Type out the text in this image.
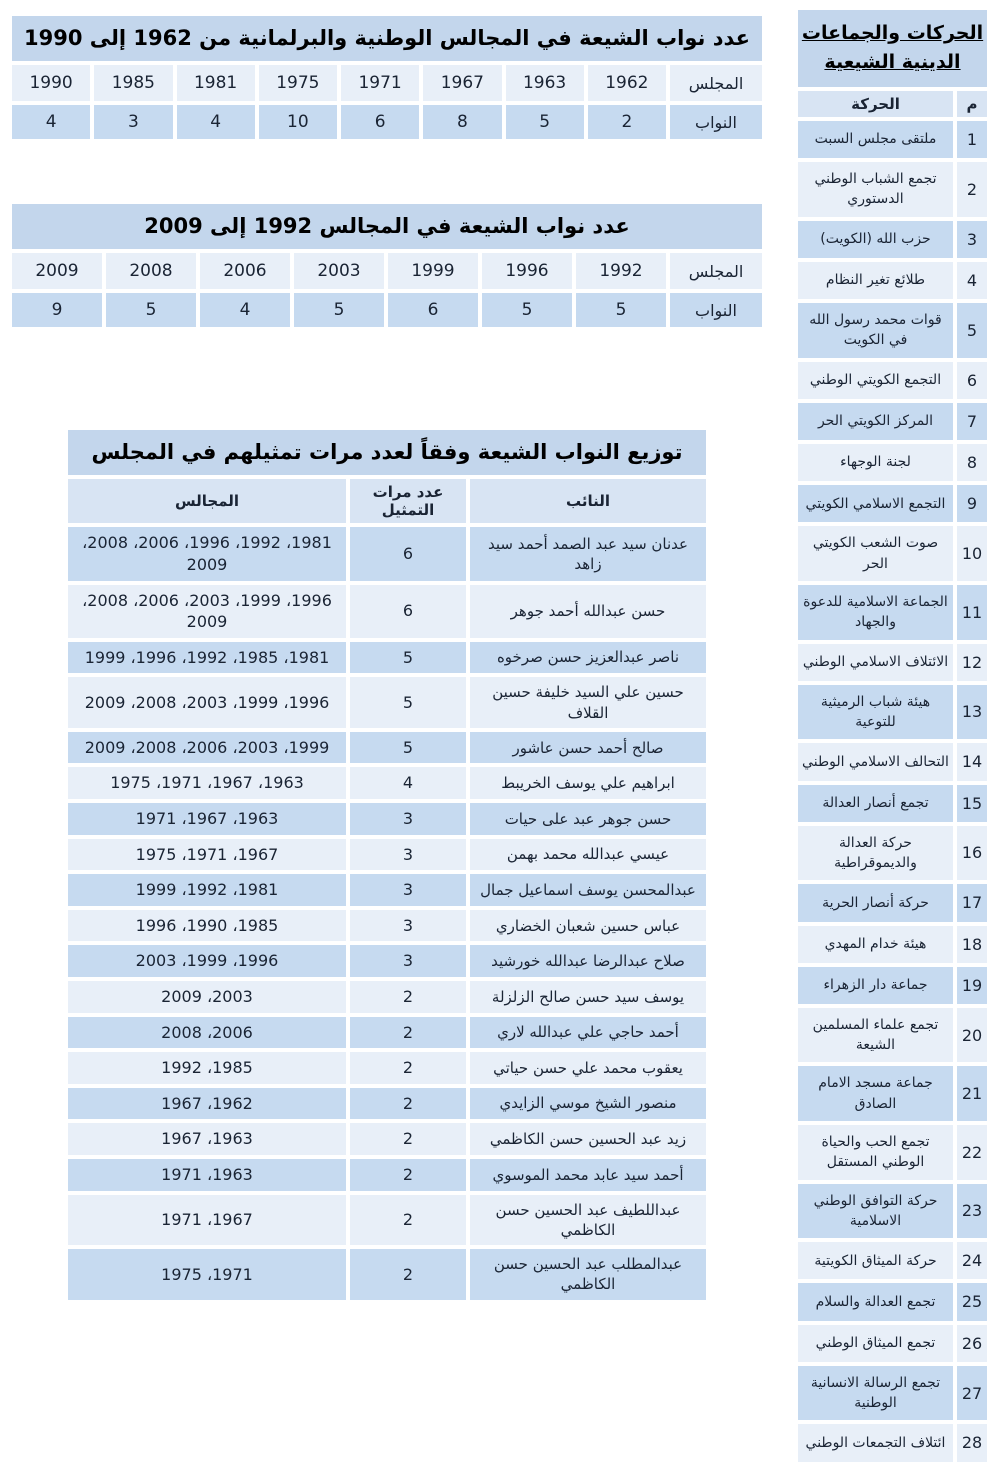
عدد نواب الشيعة في المجالس الوطنية والبرلمانية من 1962 إلى 1990								
المجلس	1962	1963	1967	1971	1975	1981	1985	1990
النواب	2	5	8	6	10	4	3	4
عدد نواب الشيعة في المجالس 1992 إلى 2009							
المجلس	1992	1996	1999	2003	2006	2008	2009
النواب	5	5	6	5	4	5	9
توزيع النواب الشيعة وفقاً لعدد مرات تمثيلهم في المجلس		
النائب	عدد مرات التمثيل	المجالس
عدنان سيد عبد الصمد أحمد سيد زاهد	6	1981، 1992، 1996، 2006، 2008، 2009
حسن عبدالله أحمد جوهر	6	1996، 1999، 2003، 2006، 2008، 2009
ناصر عبدالعزيز حسن صرخوه	5	1981، 1985، 1992، 1996، 1999
حسين علي السيد خليفة حسين القلاف	5	1996، 1999، 2003، 2008، 2009
صالح أحمد حسن عاشور	5	1999، 2003، 2006، 2008، 2009
ابراهيم علي يوسف الخريبط	4	1963، 1967، 1971، 1975
حسن جوهر عبد على حيات	3	1963، 1967، 1971
عيسي عبدالله محمد بهمن	3	1967، 1971، 1975
عبدالمحسن يوسف اسماعيل جمال	3	1981، 1992، 1999
عباس حسين شعبان الخضاري	3	1985، 1990، 1996
صلاح عبدالرضا عبدالله خورشيد	3	1996، 1999، 2003
يوسف سيد حسن صالح الزلزلة	2	2003، 2009
أحمد حاجي علي عبدالله لاري	2	2006، 2008
يعقوب محمد علي حسن حياتي	2	1985، 1992
منصور الشيخ موسي الزايدي	2	1962، 1967
زيد عبد الحسين حسن الكاظمي	2	1963، 1967
أحمد سيد عابد محمد الموسوي	2	1963، 1971
عبداللطيف عبد الحسين حسن الكاظمي	2	1967، 1971
عبدالمطلب عبد الحسين حسن الكاظمي	2	1971، 1975
الحركات والجماعات الدينية الشيعية	
م	الحركة
1	ملتقى مجلس السبت
2	تجمع الشباب الوطني الدستوري
3	حزب الله (الكويت)
4	طلائع تغير النظام
5	قوات محمد رسول الله في الكويت
6	التجمع الكويتي الوطني
7	المركز الكويتي الحر
8	لجنة الوجهاء
9	التجمع الاسلامي الكويتي
10	صوت الشعب الكويتي الحر
11	الجماعة الاسلامية للدعوة والجهاد
12	الائتلاف الاسلامي الوطني
13	هيئة شباب الرميثية للتوعية
14	التحالف الاسلامي الوطني
15	تجمع أنصار العدالة
16	حركة العدالة والديموقراطية
17	حركة أنصار الحرية
18	هيئة خدام المهدي
19	جماعة دار الزهراء
20	تجمع علماء المسلمين الشيعة
21	جماعة مسجد الامام الصادق
22	تجمع الحب والحياة الوطني المستقل
23	حركة التوافق الوطني الاسلامية
24	حركة الميثاق الكويتية
25	تجمع العدالة والسلام
26	تجمع الميثاق الوطني
27	تجمع الرسالة الانسانية الوطنية
28	ائتلاف التجمعات الوطني
